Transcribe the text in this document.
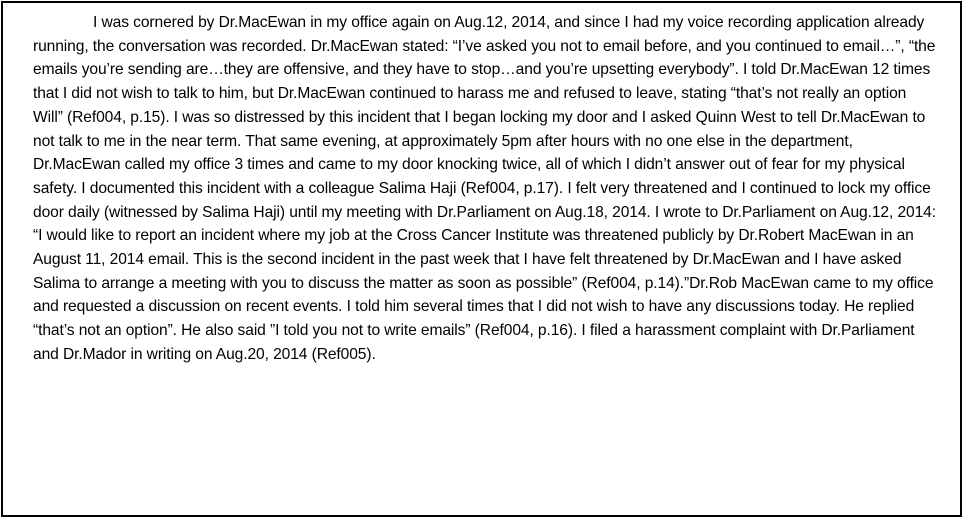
I was cornered by Dr.MacEwan in my office again on Aug.12, 2014, and since I had my voice recording application already running, the conversation was recorded. Dr.MacEwan stated: “I’ve asked you not to email before, and you continued to email…”, “the emails you’re sending are…they are offensive, and they have to stop…and you’re upsetting everybody”. I told Dr.MacEwan 12 times that I did not wish to talk to him, but Dr.MacEwan continued to harass me and refused to leave, stating “that’s not really an option Will” (Ref004, p.15). I was so distressed by this incident that I began locking my door and I asked Quinn West to tell Dr.MacEwan to not talk to me in the near term. That same evening, at approximately 5pm after hours with no one else in the department, Dr.MacEwan called my office 3 times and came to my door knocking twice, all of which I didn’t answer out of fear for my physical safety. I documented this incident with a colleague Salima Haji (Ref004, p.17). I felt very threatened and I continued to lock my office door daily (witnessed by Salima Haji) until my meeting with Dr.Parliament on Aug.18, 2014. I wrote to Dr.Parliament on Aug.12, 2014: “I would like to report an incident where my job at the Cross Cancer Institute was threatened publicly by Dr.Robert MacEwan in an August 11, 2014 email. This is the second incident in the past week that I have felt threatened by Dr.MacEwan and I have asked Salima to arrange a meeting with you to discuss the matter as soon as possible” (Ref004, p.14).”Dr.Rob MacEwan came to my office and requested a discussion on recent events. I told him several times that I did not wish to have any discussions today. He replied “that’s not an option”. He also said ”I told you not to write emails” (Ref004, p.16). I filed a harassment complaint with Dr.Parliament and Dr.Mador in writing on Aug.20, 2014 (Ref005).
